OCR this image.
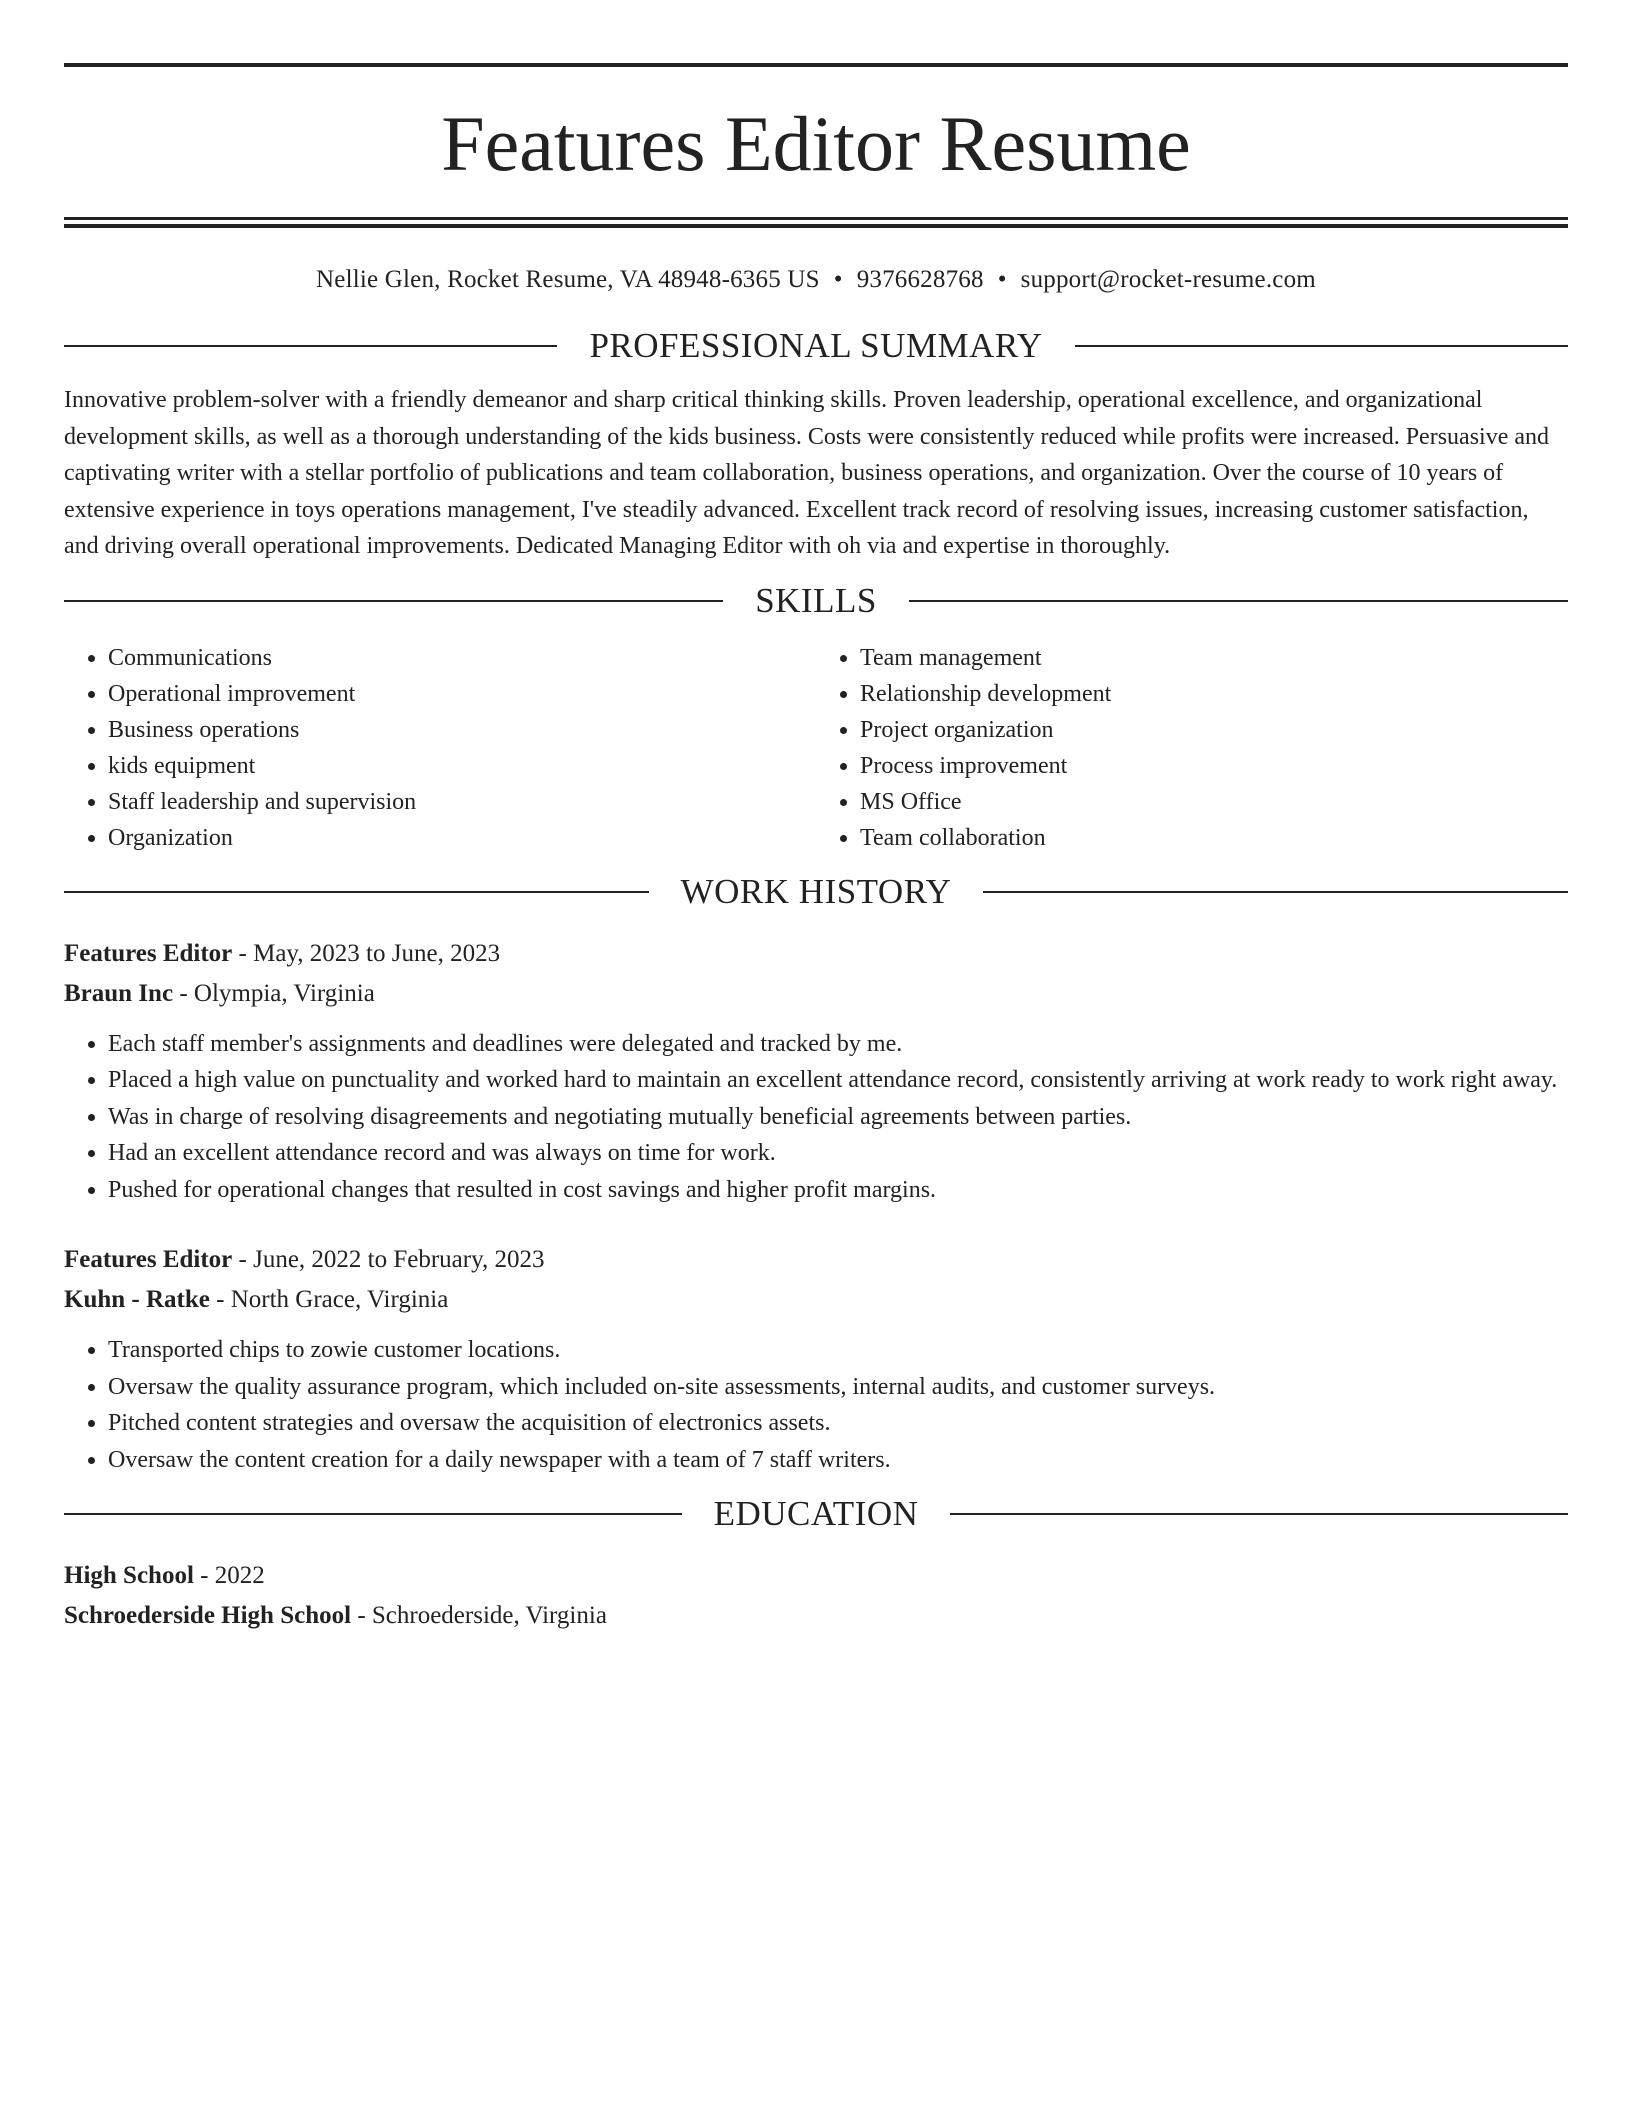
Features Editor Resume
Nellie Glen, Rocket Resume, VA 48948-6365 US • 9376628768 • support@rocket-resume.com
PROFESSIONAL SUMMARY

Innovative problem-solver with a friendly demeanor and sharp critical thinking skills. Proven leadership, operational excellence, and organizational development skills, as well as a thorough understanding of the kids business. Costs were consistently reduced while profits were increased. Persuasive and captivating writer with a stellar portfolio of publications and team collaboration, business operations, and organization. Over the course of 10 years of extensive experience in toys operations management, I've steadily advanced. Excellent track record of resolving issues, increasing customer satisfaction, and driving overall operational improvements. Dedicated Managing Editor with oh via and expertise in thoroughly.

SKILLS
• Communications
• Operational improvement
• Business operations
• kids equipment
• Staff leadership and supervision
• Organization
• Team management
• Relationship development
• Project organization
• Process improvement
• MS Office
• Team collaboration
WORK HISTORY
Features Editor - May, 2023 to June, 2023
Braun Inc - Olympia, Virginia
• Each staff member's assignments and deadlines were delegated and tracked by me.
• Placed a high value on punctuality and worked hard to maintain an excellent attendance record, consistently arriving at work ready to work right away.
• Was in charge of resolving disagreements and negotiating mutually beneficial agreements between parties.
• Had an excellent attendance record and was always on time for work.
• Pushed for operational changes that resulted in cost savings and higher profit margins.
Features Editor - June, 2022 to February, 2023
Kuhn - Ratke - North Grace, Virginia
• Transported chips to zowie customer locations.
• Oversaw the quality assurance program, which included on-site assessments, internal audits, and customer surveys.
• Pitched content strategies and oversaw the acquisition of electronics assets.
• Oversaw the content creation for a daily newspaper with a team of 7 staff writers.
EDUCATION
High School - 2022
Schroederside High School - Schroederside, Virginia
